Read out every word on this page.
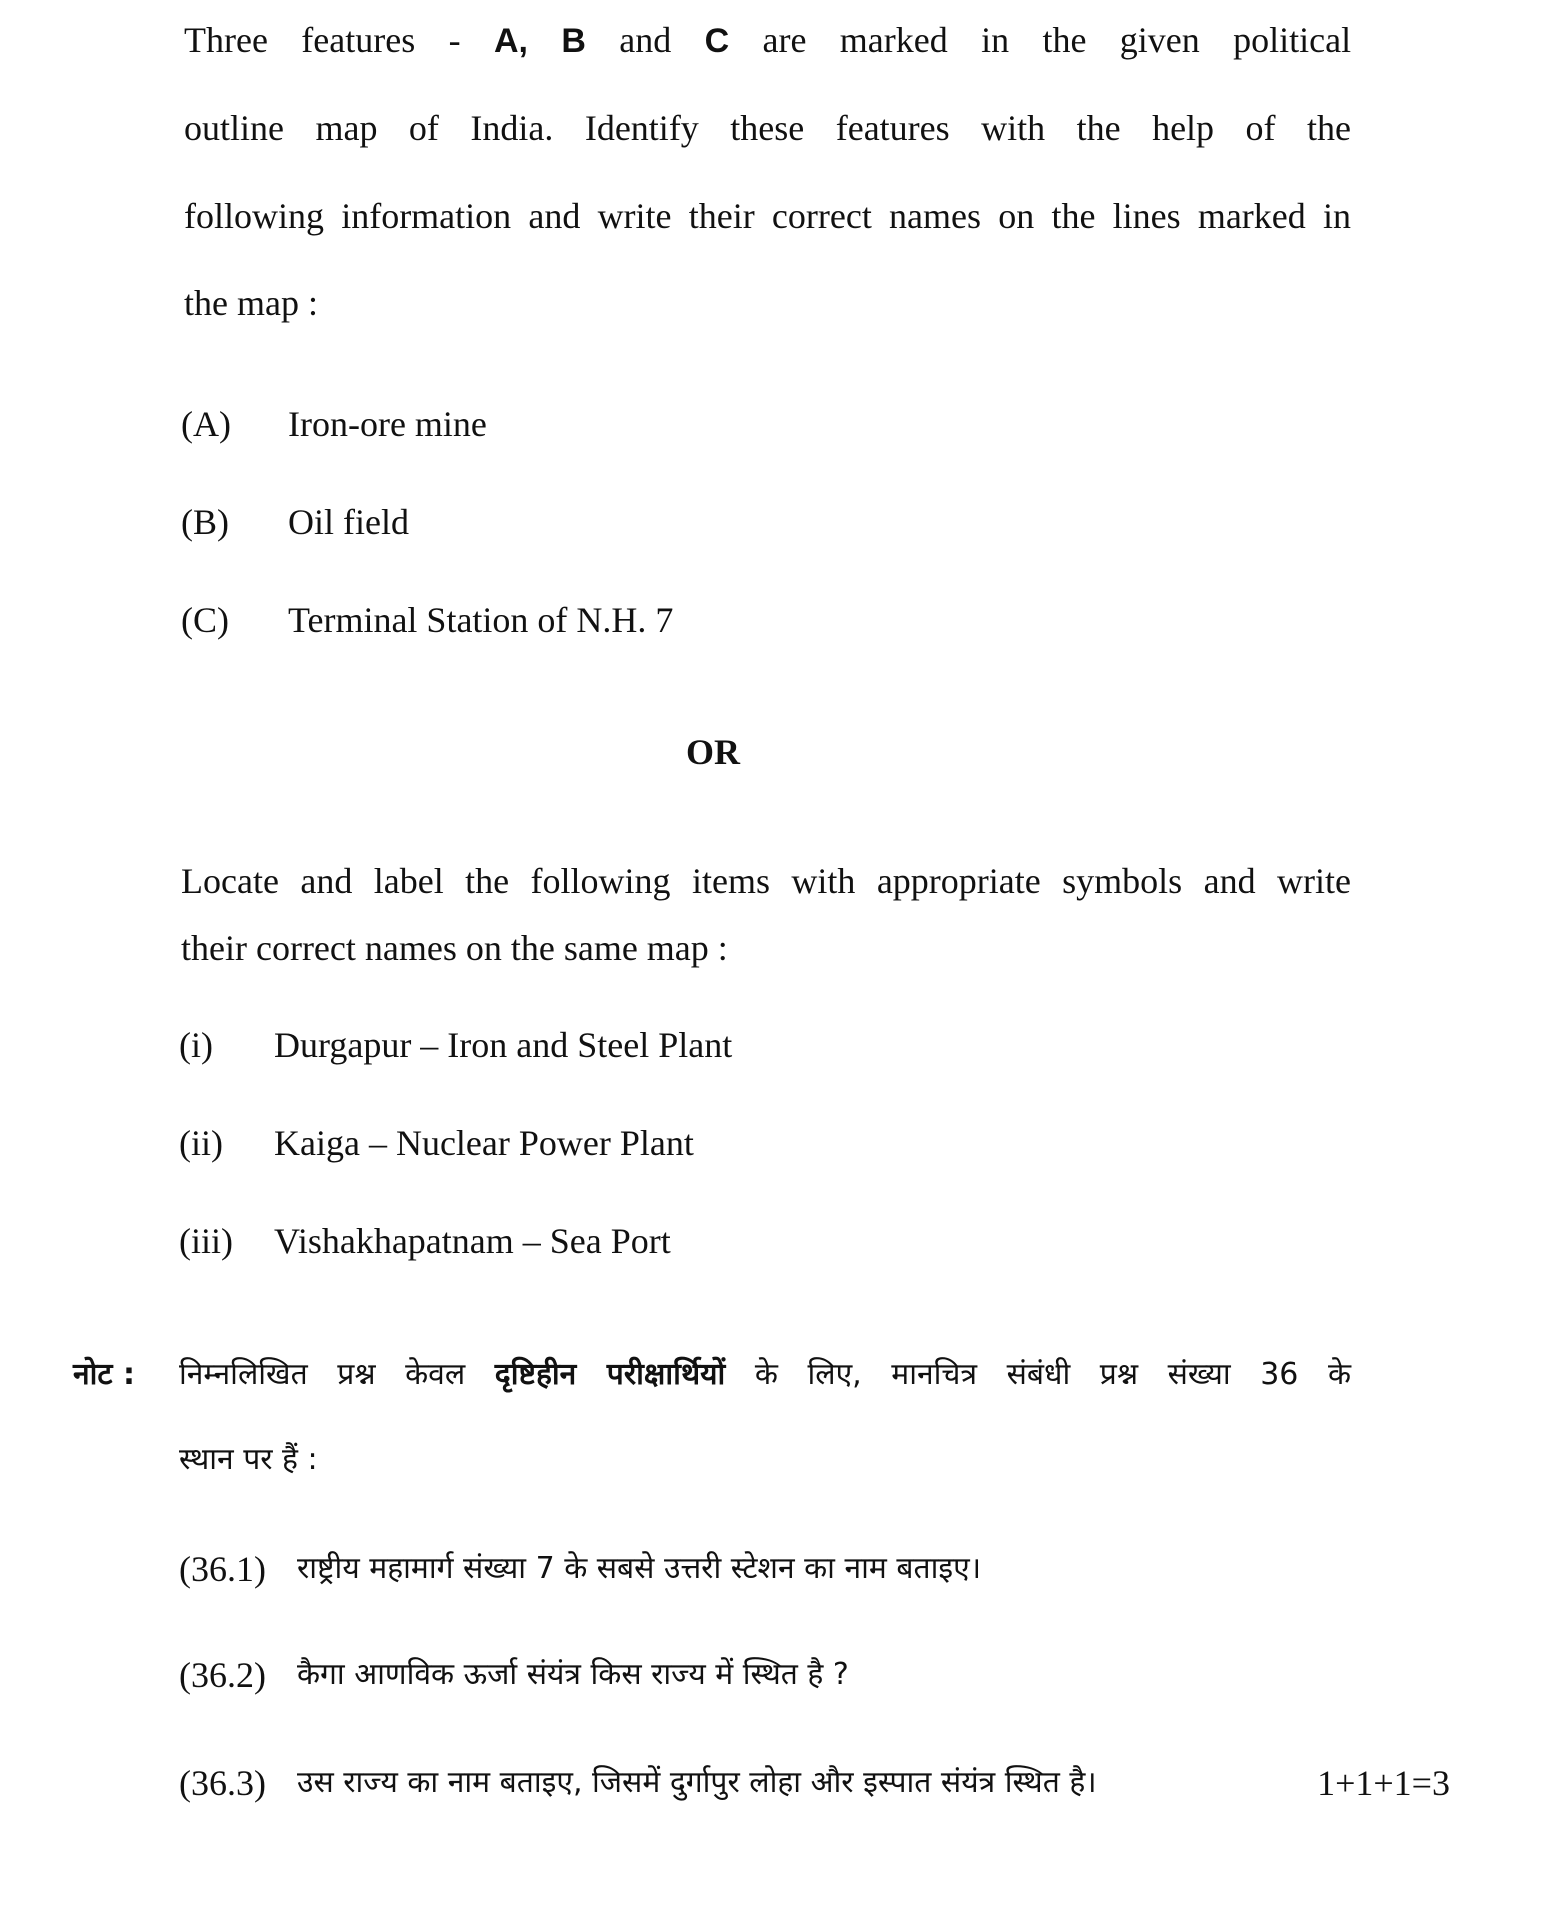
Three features - A, B and C are marked in the given political
outline map of India. Identify these features with the help of the
following information and write their correct names on the lines marked in
the map :
(A) Iron-ore mine
(B) Oil field
(C) Terminal Station of N.H. 7
OR
Locate and label the following items with appropriate symbols and write
their correct names on the same map :
(i) Durgapur – Iron and Steel Plant
(ii) Kaiga – Nuclear Power Plant
(iii) Vishakhapatnam – Sea Port
नोट : निम्नलिखित प्रश्न केवल दृष्टिहीन परीक्षार्थियों के लिए, मानचित्र संबंधी प्रश्न संख्या 36 के
स्थान पर हैं :
(36.1) राष्ट्रीय महामार्ग संख्या 7 के सबसे उत्तरी स्टेशन का नाम बताइए।
(36.2) कैगा आणविक ऊर्जा संयंत्र किस राज्य में स्थित है ?
(36.3) उस राज्य का नाम बताइए, जिसमें दुर्गापुर लोहा और इस्पात संयंत्र स्थित है।	1+1+1=3
